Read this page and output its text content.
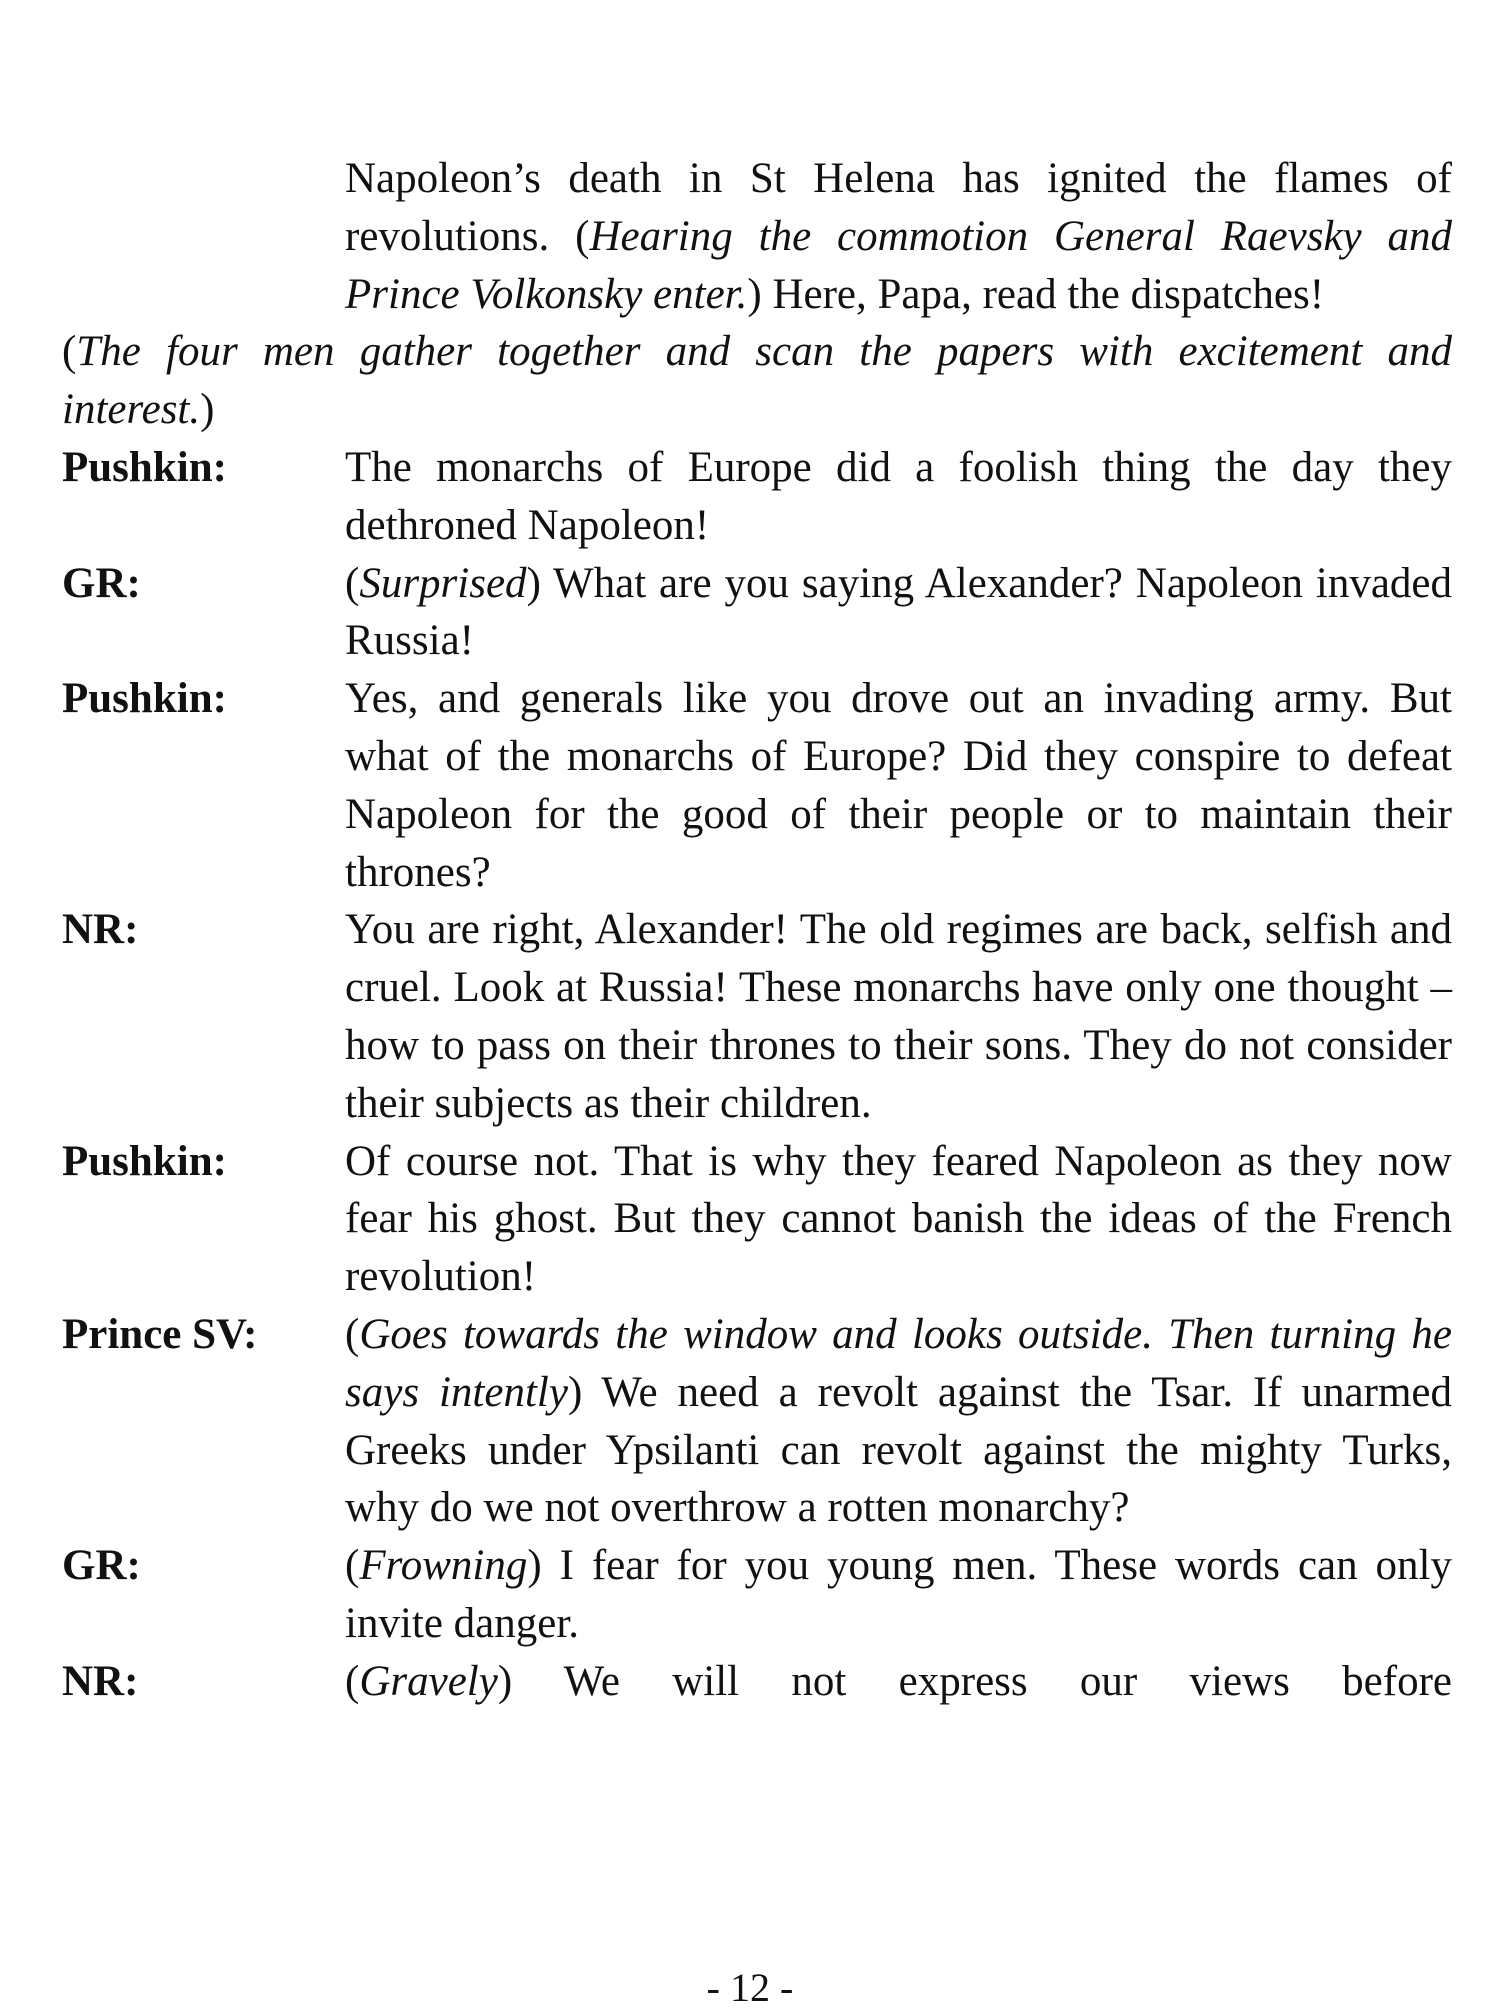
Napoleon’s death in St Helena has ignited the flames of revolutions. (Hearing the commotion General Raevsky and Prince Volkonsky enter.) Here, Papa, read the dispatches!
(The four men gather together and scan the papers with excitement and interest.)
Pushkin:	The monarchs of Europe did a foolish thing the day they dethroned Napoleon!
GR:	(Surprised) What are you saying Alexander? Napoleon invaded Russia!
Pushkin:	Yes, and generals like you drove out an invading army. But what of the monarchs of Europe? Did they conspire to defeat Napoleon for the good of their people or to maintain their thrones?
NR:	You are right, Alexander! The old regimes are back, selfish and cruel. Look at Russia! These monarchs have only one thought – how to pass on their thrones to their sons. They do not consider their subjects as their children.
Pushkin:	Of course not. That is why they feared Napoleon as they now fear his ghost. But they cannot banish the ideas of the French revolution!
Prince SV:	(Goes towards the window and looks outside. Then turning he says intently) We need a revolt against the Tsar. If unarmed Greeks under Ypsilanti can revolt against the mighty Turks, why do we not overthrow a rotten monarchy?
GR:	(Frowning) I fear for you young men. These words can only invite danger.
NR:	(Gravely) We will not express our views before
- 12 -
